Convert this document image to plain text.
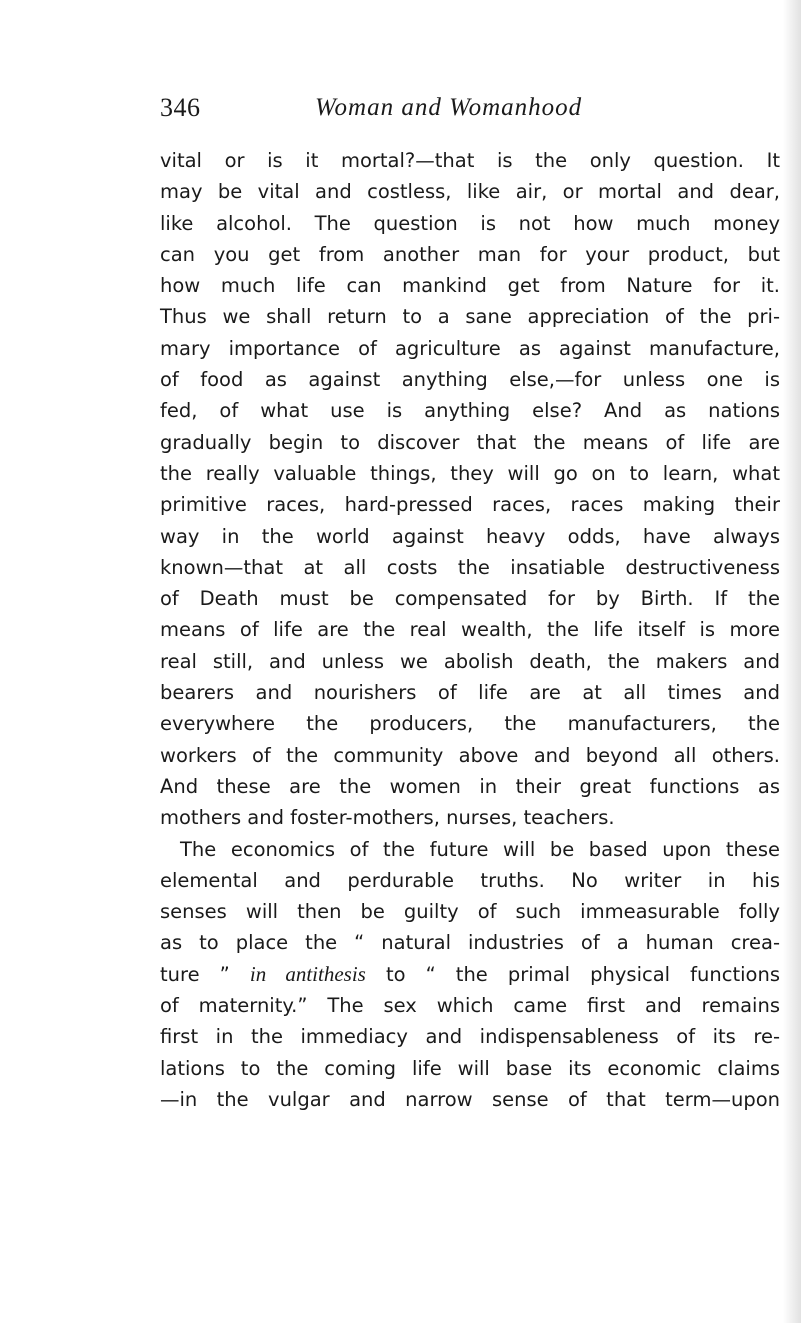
346	Woman and Womanhood
vital or is it mortal?—that is the only question. It
may be vital and costless, like air, or mortal and dear,
like alcohol. The question is not how much money
can you get from another man for your product, but
how much life can mankind get from Nature for it.
Thus we shall return to a sane appreciation of the pri-
mary importance of agriculture as against manufacture,
of food as against anything else,—for unless one is
fed, of what use is anything else? And as nations
gradually begin to discover that the means of life are
the really valuable things, they will go on to learn, what
primitive races, hard-pressed races, races making their
way in the world against heavy odds, have always
known—that at all costs the insatiable destructiveness
of Death must be compensated for by Birth. If the
means of life are the real wealth, the life itself is more
real still, and unless we abolish death, the makers and
bearers and nourishers of life are at all times and
everywhere the producers, the manufacturers, the
workers of the community above and beyond all others.
And these are the women in their great functions as
mothers and foster-mothers, nurses, teachers.
The economics of the future will be based upon these
elemental and perdurable truths. No writer in his
senses will then be guilty of such immeasurable folly
as to place the “ natural industries of a human crea-
ture ” in antithesis to “ the primal physical functions
of maternity.” The sex which came first and remains
first in the immediacy and indispensableness of its re-
lations to the coming life will base its economic claims
—in the vulgar and narrow sense of that term—upon
